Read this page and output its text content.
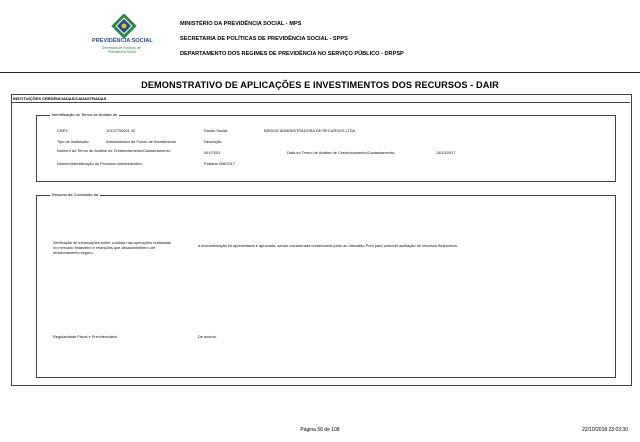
PREVIDÊNCIA SOCIAL
Secretaria de Políticas de
Previdência Social
MINISTÉRIO DA PREVIDÊNCIA SOCIAL - MPS
SECRETARIA DE POLÍTICAS DE PREVIDÊNCIA SOCIAL - SPPS
DEPARTAMENTO DOS REGIMES DE PREVIDÊNCIA NO SERVIÇO PÚBLICO - DRPSP
DEMONSTRATIVO DE APLICAÇÕES E INVESTIMENTOS DOS RECURSOS - DAIR
INSTITUIÇÕES CREDENCIADAS/CADASTRADAS
Identificação do Termo de Análise de
CNPJ:	10137700001 42	Razão Social:	BRIDGE ADMINISTRADORA DE RECURSOS LTDA
Tipo de Instituição:	Administrador de Fundo de Investimento	Descrição:
Número do Termo de Análise de Credenciamento/Cadastramento:	001/7003	Data do Termo de Análise de Credenciamento/Cadastramento:	24/10/2017
Número/Identificação do Processo Administrativo:	Portaria 006/2017
Resumo da Conclusão da
Verificação de informações sobre conduta nas operações realizadas
no mercado financeiro e restrições que desaconselhem um
relacionamento seguro:
a documentação foi apresentada e aprovada, sendo considerada credenciada junto ao Jaboatão Prev para possível aceitação de recursos financeiros.
Regularidade Fiscal e Previdenciária:	De acordo.
Página 56 de 108	22/10/2018 23:03:30
